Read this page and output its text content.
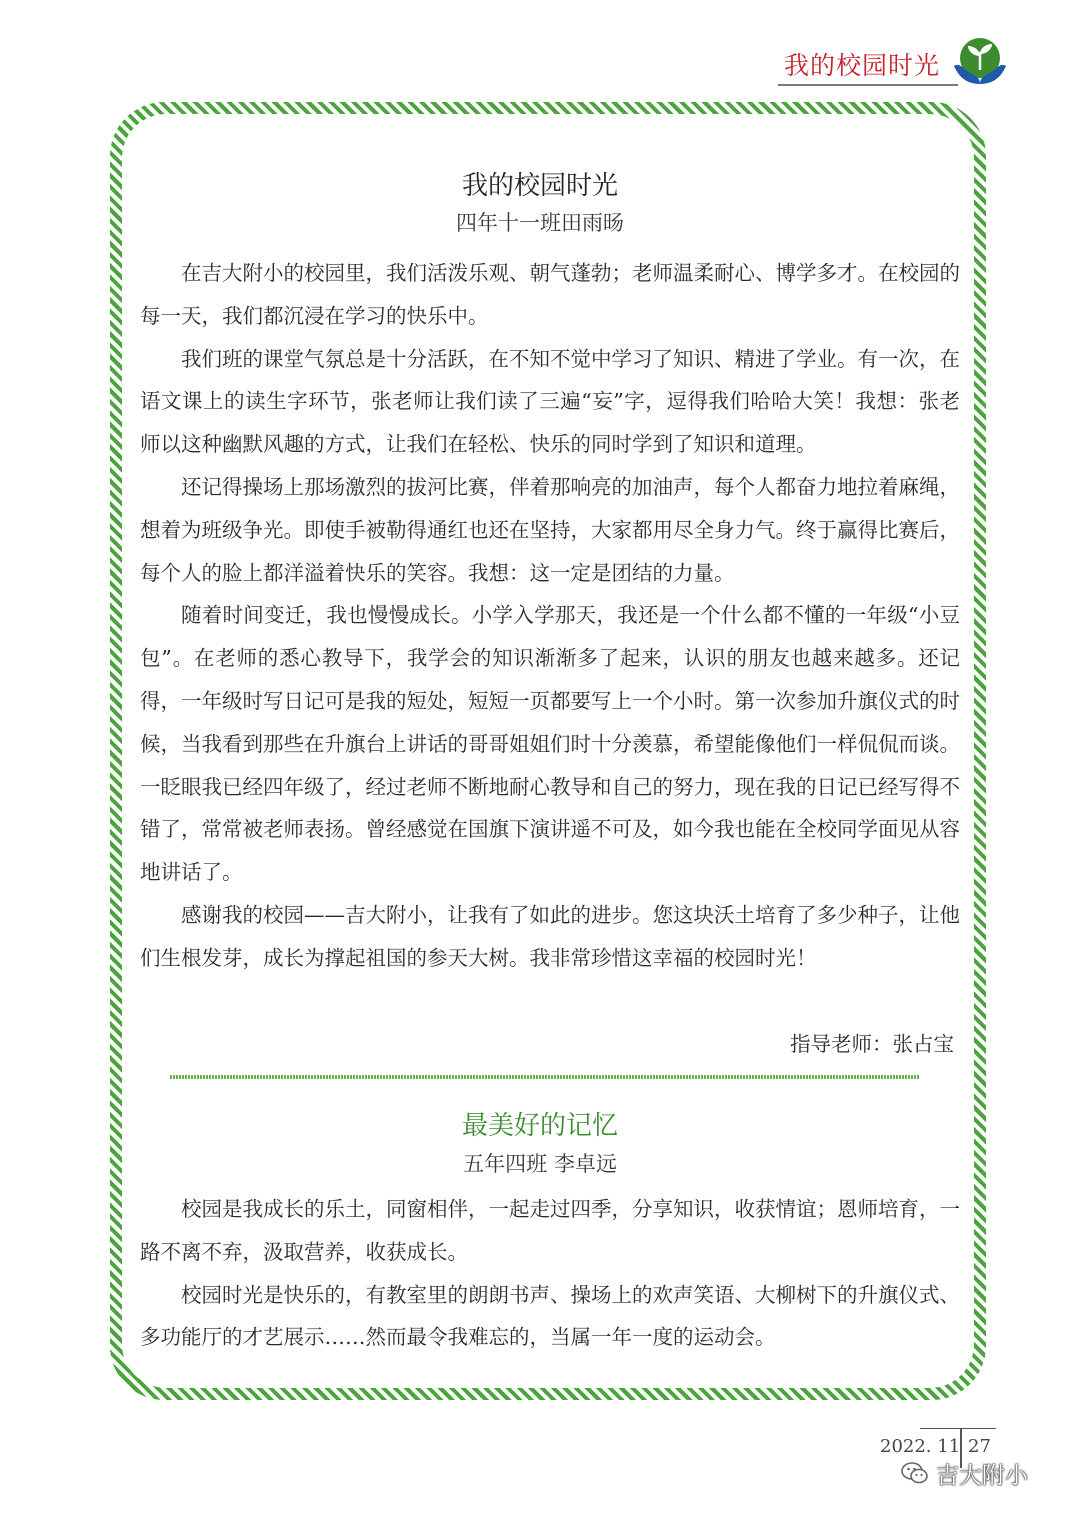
我的校园时光
我的校园时光
四年十一班田雨旸

在吉大附小的校园里，我们活泼乐观、朝气蓬勃；老师温柔耐心、博学多才。在校园的每一天，我们都沉浸在学习的快乐中。

我们班的课堂气氛总是十分活跃，在不知不觉中学习了知识、精进了学业。有一次，在语文课上的读生字环节，张老师让我们读了三遍“妄”字，逗得我们哈哈大笑！我想：张老师以这种幽默风趣的方式，让我们在轻松、快乐的同时学到了知识和道理。

还记得操场上那场激烈的拔河比赛，伴着那响亮的加油声，每个人都奋力地拉着麻绳，想着为班级争光。即使手被勒得通红也还在坚持，大家都用尽全身力气。终于赢得比赛后，每个人的脸上都洋溢着快乐的笑容。我想：这一定是团结的力量。

随着时间变迁，我也慢慢成长。小学入学那天，我还是一个什么都不懂的一年级“小豆包”。在老师的悉心教导下，我学会的知识渐渐多了起来，认识的朋友也越来越多。还记得，一年级时写日记可是我的短处，短短一页都要写上一个小时。第一次参加升旗仪式的时候，当我看到那些在升旗台上讲话的哥哥姐姐们时十分羡慕，希望能像他们一样侃侃而谈。一眨眼我已经四年级了，经过老师不断地耐心教导和自己的努力，现在我的日记已经写得不错了，常常被老师表扬。曾经感觉在国旗下演讲遥不可及，如今我也能在全校同学面见从容地讲话了。

感谢我的校园——吉大附小，让我有了如此的进步。您这块沃土培育了多少种子，让他们生根发芽，成长为撑起祖国的参天大树。我非常珍惜这幸福的校园时光！

指导老师：张占宝
最美好的记忆
五年四班 李卓远

校园是我成长的乐土，同窗相伴，一起走过四季，分享知识，收获情谊；恩师培育，一路不离不弃，汲取营养，收获成长。

校园时光是快乐的，有教室里的朗朗书声、操场上的欢声笑语、大柳树下的升旗仪式、多功能厅的才艺展示……然而最令我难忘的，当属一年一度的运动会。

2022. 11 27
吉大附小
